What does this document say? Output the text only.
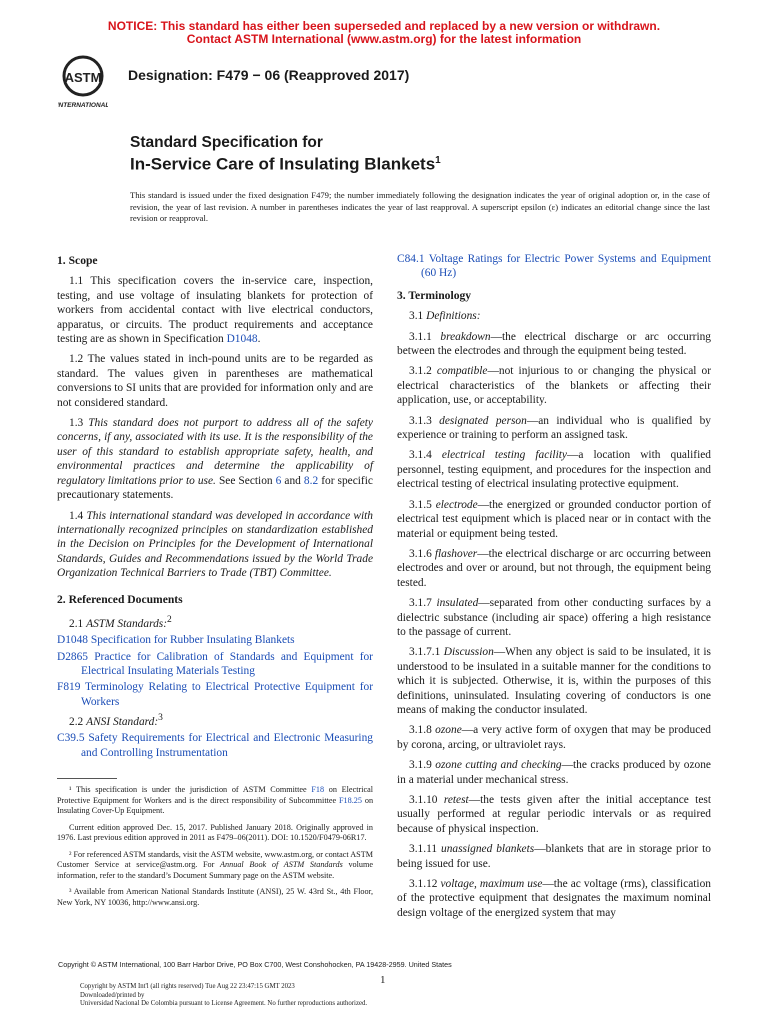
NOTICE: This standard has either been superseded and replaced by a new version or withdrawn.
Contact ASTM International (www.astm.org) for the latest information
ASTM
INTERNATIONAL
Designation: F479 − 06 (Reapproved 2017)
Standard Specification for
In-Service Care of Insulating Blankets$^1$
This standard is issued under the fixed designation F479; the number immediately following the designation indicates the year of original adoption or, in the case of revision, the year of last revision. A number in parentheses indicates the year of last reapproval. A superscript epsilon (ε) indicates an editorial change since the last revision or reapproval.
1. Scope

1.1 This specification covers the in-service care, inspection, testing, and use voltage of insulating blankets for protection of workers from accidental contact with live electrical conductors, apparatus, or circuits. The product requirements and acceptance testing are as shown in Specification D1048.

1.2 The values stated in inch-pound units are to be regarded as standard. The values given in parentheses are mathematical conversions to SI units that are provided for information only and are not considered standard.

1.3 This standard does not purport to address all of the safety concerns, if any, associated with its use. It is the responsibility of the user of this standard to establish appropriate safety, health, and environmental practices and determine the applicability of regulatory limitations prior to use. See Section 6 and 8.2 for specific precautionary statements.

1.4 This international standard was developed in accordance with internationally recognized principles on standardization established in the Decision on Principles for the Development of International Standards, Guides and Recommendations issued by the World Trade Organization Technical Barriers to Trade (TBT) Committee.

2. Referenced Documents

2.1 ASTM Standards:$^2$

D1048 Specification for Rubber Insulating Blankets
D2865 Practice for Calibration of Standards and Equipment for Electrical Insulating Materials Testing
F819 Terminology Relating to Electrical Protective Equipment for Workers

2.2 ANSI Standard:$^3$

C39.5 Safety Requirements for Electrical and Electronic Measuring and Controlling Instrumentation

¹ This specification is under the jurisdiction of ASTM Committee F18 on Electrical Protective Equipment for Workers and is the direct responsibility of Subcommittee F18.25 on Insulating Cover-Up Equipment.

Current edition approved Dec. 15, 2017. Published January 2018. Originally approved in 1976. Last previous edition approved in 2011 as F479–06(2011). DOI: 10.1520/F0479-06R17.

² For referenced ASTM standards, visit the ASTM website, www.astm.org, or contact ASTM Customer Service at service@astm.org. For Annual Book of ASTM Standards volume information, refer to the standard’s Document Summary page on the ASTM website.

³ Available from American National Standards Institute (ANSI), 25 W. 43rd St., 4th Floor, New York, NY 10036, http://www.ansi.org.

C84.1 Voltage Ratings for Electric Power Systems and Equipment (60 Hz)
3. Terminology

3.1 Definitions:

3.1.1 breakdown—the electrical discharge or arc occurring between the electrodes and through the equipment being tested.

3.1.2 compatible—not injurious to or changing the physical or electrical characteristics of the blankets or affecting their application, use, or acceptability.

3.1.3 designated person—an individual who is qualified by experience or training to perform an assigned task.

3.1.4 electrical testing facility—a location with qualified personnel, testing equipment, and procedures for the inspection and electrical testing of electrical insulating protective equipment.

3.1.5 electrode—the energized or grounded conductor portion of electrical test equipment which is placed near or in contact with the material or equipment being tested.

3.1.6 flashover—the electrical discharge or arc occurring between electrodes and over or around, but not through, the equipment being tested.

3.1.7 insulated—separated from other conducting surfaces by a dielectric substance (including air space) offering a high resistance to the passage of current.

3.1.7.1 Discussion—When any object is said to be insulated, it is understood to be insulated in a suitable manner for the conditions to which it is subjected. Otherwise, it is, within the purposes of this definitions, uninsulated. Insulating covering of conductors is one means of making the conductor insulated.

3.1.8 ozone—a very active form of oxygen that may be produced by corona, arcing, or ultraviolet rays.

3.1.9 ozone cutting and checking—the cracks produced by ozone in a material under mechanical stress.

3.1.10 retest—the tests given after the initial acceptance test usually performed at regular periodic intervals or as required because of physical inspection.

3.1.11 unassigned blankets—blankets that are in storage prior to being issued for use.

3.1.12 voltage, maximum use—the ac voltage (rms), classification of the protective equipment that designates the maximum nominal design voltage of the energized system that may

Copyright © ASTM International, 100 Barr Harbor Drive, PO Box C700, West Conshohocken, PA 19428-2959. United States
1
Copyright by ASTM Int'l (all rights reserved) Tue Aug 22 23:47:15 GMT 2023
Downloaded/printed by
Universidad Nacional De Colombia pursuant to License Agreement. No further reproductions authorized.
